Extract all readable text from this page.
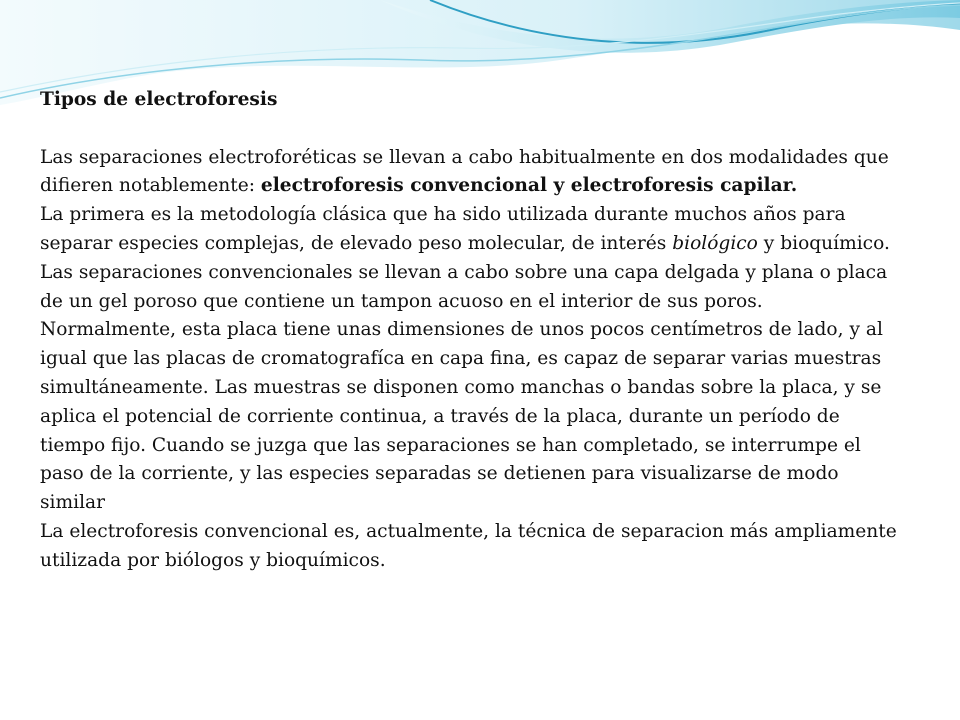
Tipos de electroforesis

Las separaciones electroforéticas se llevan a cabo habitualmente en dos modalidades que difieren notablemente: electroforesis convencional y electroforesis capilar.

La primera es la metodología clásica que ha sido utilizada durante muchos años para separar especies complejas, de elevado peso molecular, de interés biológico y bioquímico. Las separaciones convencionales se llevan a cabo sobre una capa delgada y plana o placa de un gel poroso que contiene un tampon acuoso en el interior de sus poros.

Normalmente, esta placa tiene unas dimensiones de unos pocos centímetros de lado, y al igual que las placas de cromatografíca en capa fina, es capaz de separar varias muestras simultáneamente. Las muestras se disponen como manchas o bandas sobre la placa, y se aplica el potencial de corriente continua, a través de la placa, durante un período de tiempo fijo. Cuando se juzga que las separaciones se han completado, se interrumpe el paso de la corriente, y las especies separadas se detienen para visualizarse de modo similar

La electroforesis convencional es, actualmente, la técnica de separacion más ampliamente utilizada por biólogos y bioquímicos.
